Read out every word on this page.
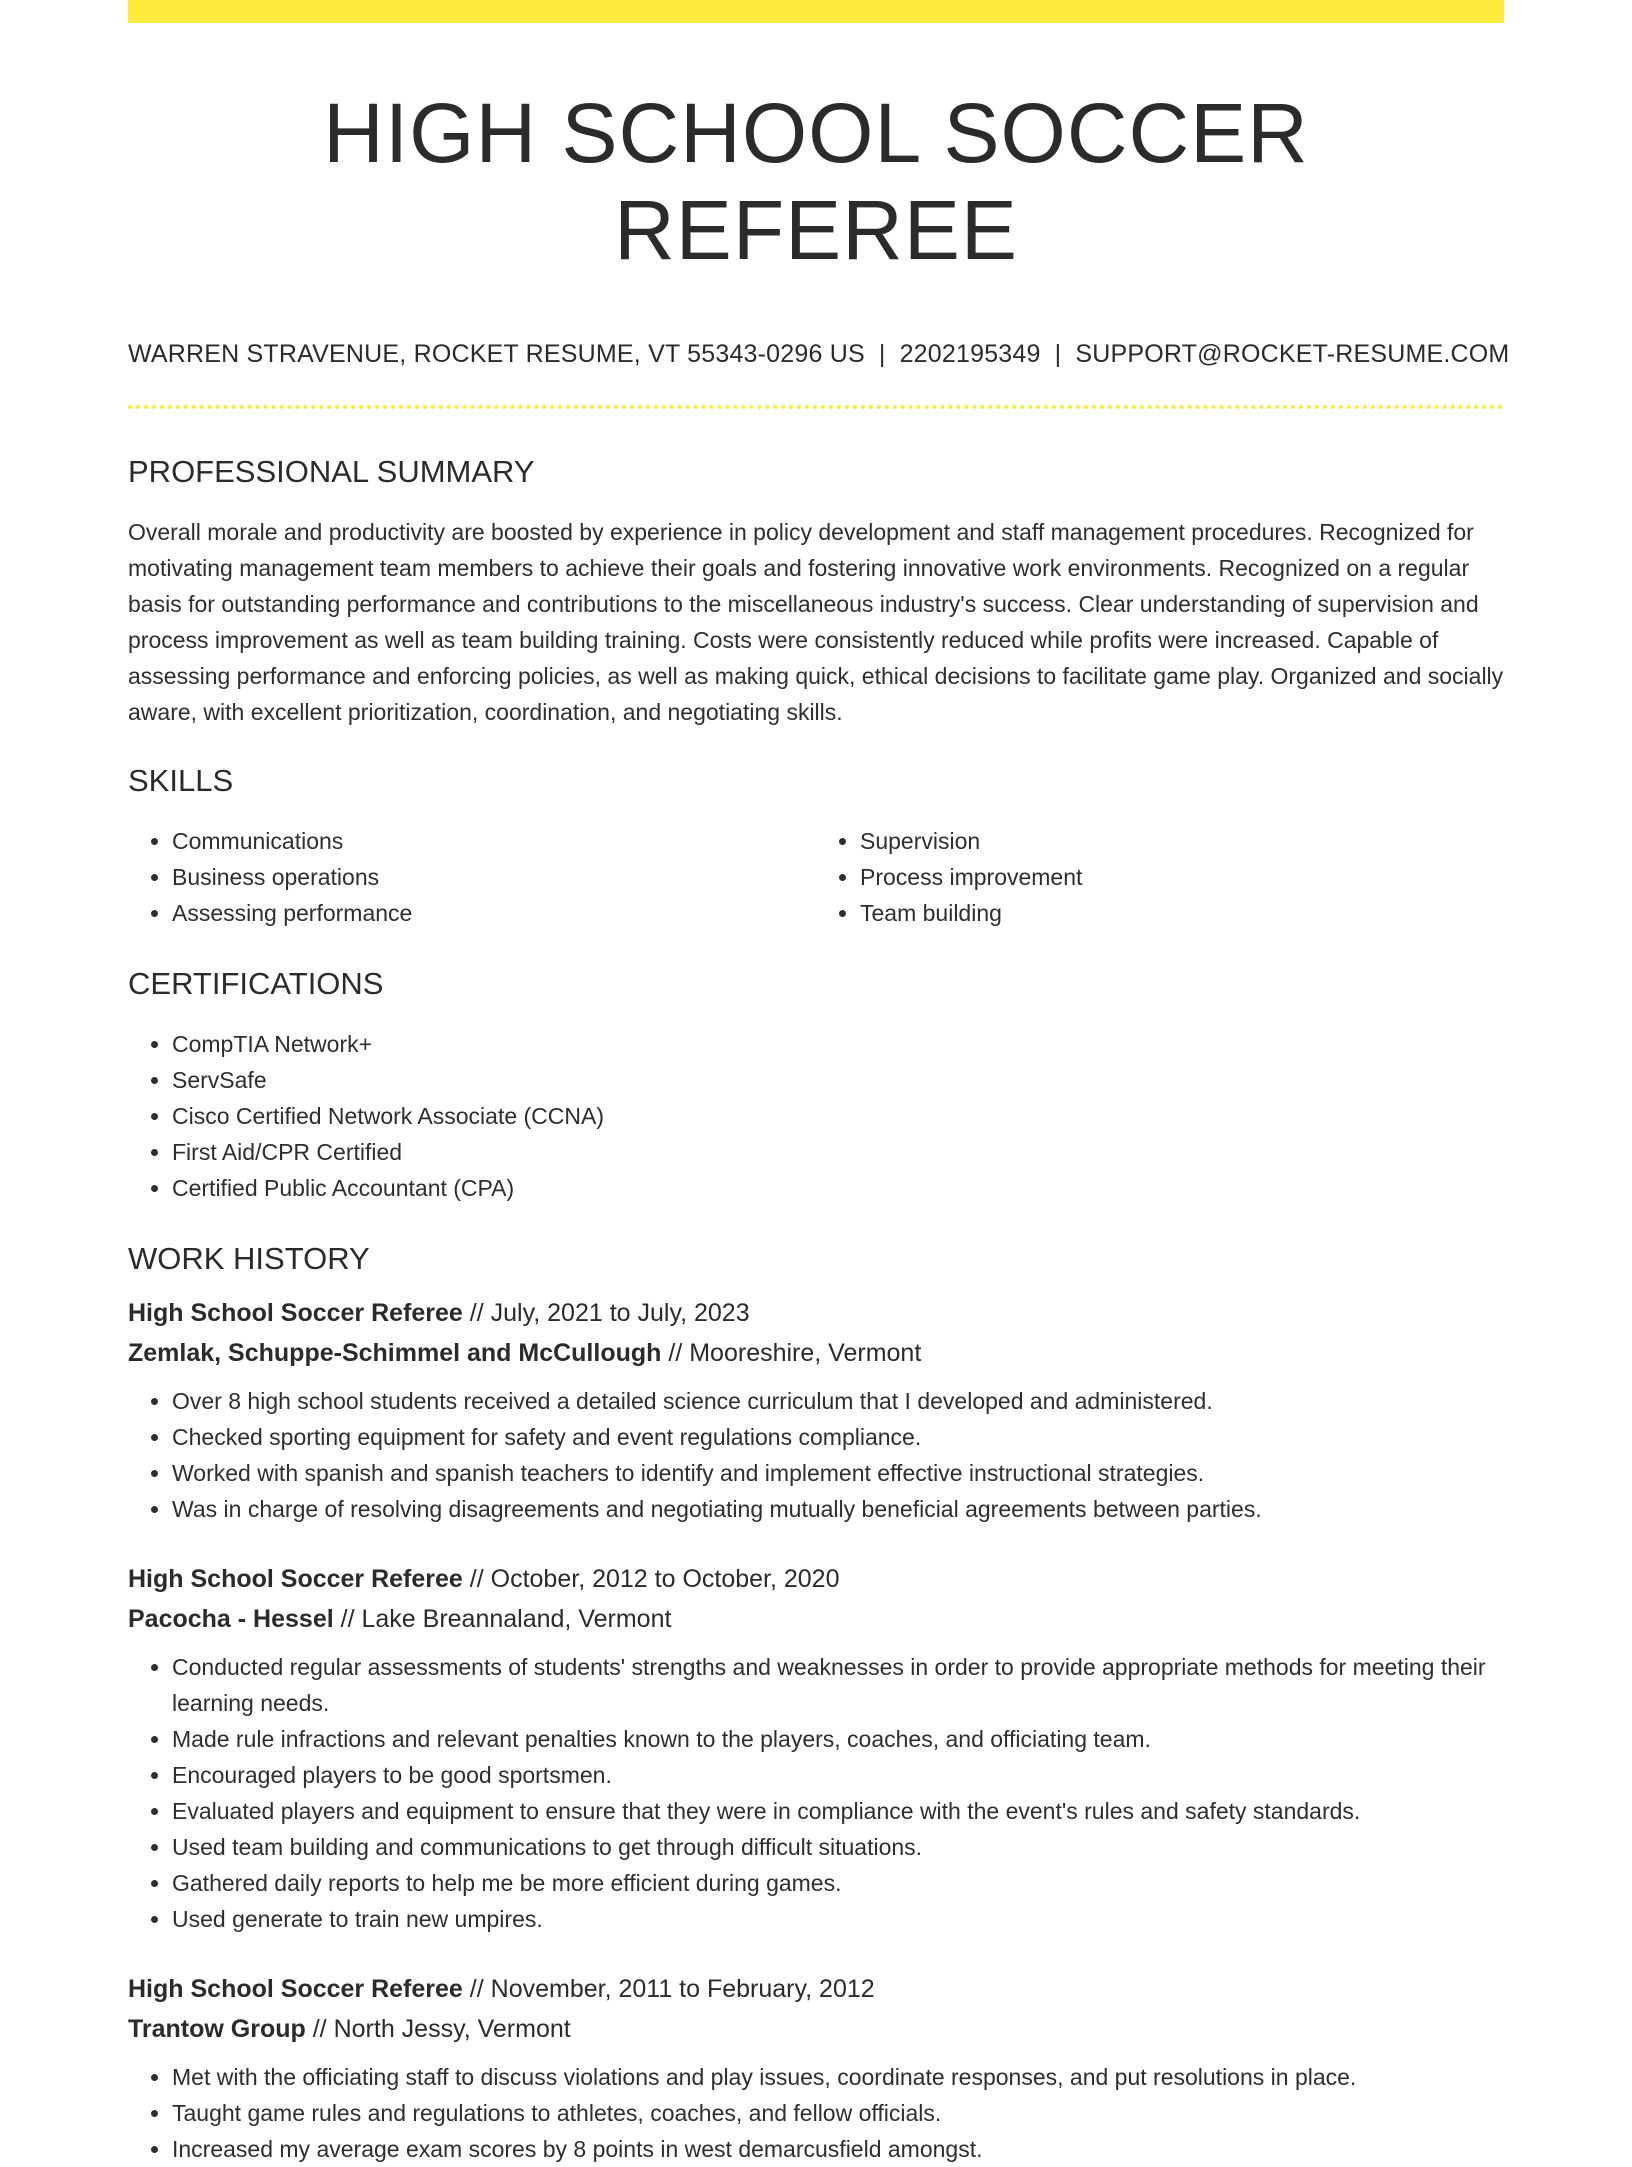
HIGH SCHOOL SOCCER REFEREE
WARREN STRAVENUE, ROCKET RESUME, VT 55343-0296 US | 2202195349 | SUPPORT@ROCKET-RESUME.COM
PROFESSIONAL SUMMARY

Overall morale and productivity are boosted by experience in policy development and staff management procedures. Recognized for motivating management team members to achieve their goals and fostering innovative work environments. Recognized on a regular basis for outstanding performance and contributions to the miscellaneous industry's success. Clear understanding of supervision and process improvement as well as team building training. Costs were consistently reduced while profits were increased. Capable of assessing performance and enforcing policies, as well as making quick, ethical decisions to facilitate game play. Organized and socially aware, with excellent prioritization, coordination, and negotiating skills.

SKILLS
• Communications
• Business operations
• Assessing performance
• Supervision
• Process improvement
• Team building
CERTIFICATIONS
• CompTIA Network+
• ServSafe
• Cisco Certified Network Associate (CCNA)
• First Aid/CPR Certified
• Certified Public Accountant (CPA)
WORK HISTORY
High School Soccer Referee // July, 2021 to July, 2023
Zemlak, Schuppe-Schimmel and McCullough // Mooreshire, Vermont
• Over 8 high school students received a detailed science curriculum that I developed and administered.
• Checked sporting equipment for safety and event regulations compliance.
• Worked with spanish and spanish teachers to identify and implement effective instructional strategies.
• Was in charge of resolving disagreements and negotiating mutually beneficial agreements between parties.
High School Soccer Referee // October, 2012 to October, 2020
Pacocha - Hessel // Lake Breannaland, Vermont
• Conducted regular assessments of students' strengths and weaknesses in order to provide appropriate methods for meeting their learning needs.
• Made rule infractions and relevant penalties known to the players, coaches, and officiating team.
• Encouraged players to be good sportsmen.
• Evaluated players and equipment to ensure that they were in compliance with the event's rules and safety standards.
• Used team building and communications to get through difficult situations.
• Gathered daily reports to help me be more efficient during games.
• Used generate to train new umpires.
High School Soccer Referee // November, 2011 to February, 2012
Trantow Group // North Jessy, Vermont
• Met with the officiating staff to discuss violations and play issues, coordinate responses, and put resolutions in place.
• Taught game rules and regulations to athletes, coaches, and fellow officials.
• Increased my average exam scores by 8 points in west demarcusfield amongst.
